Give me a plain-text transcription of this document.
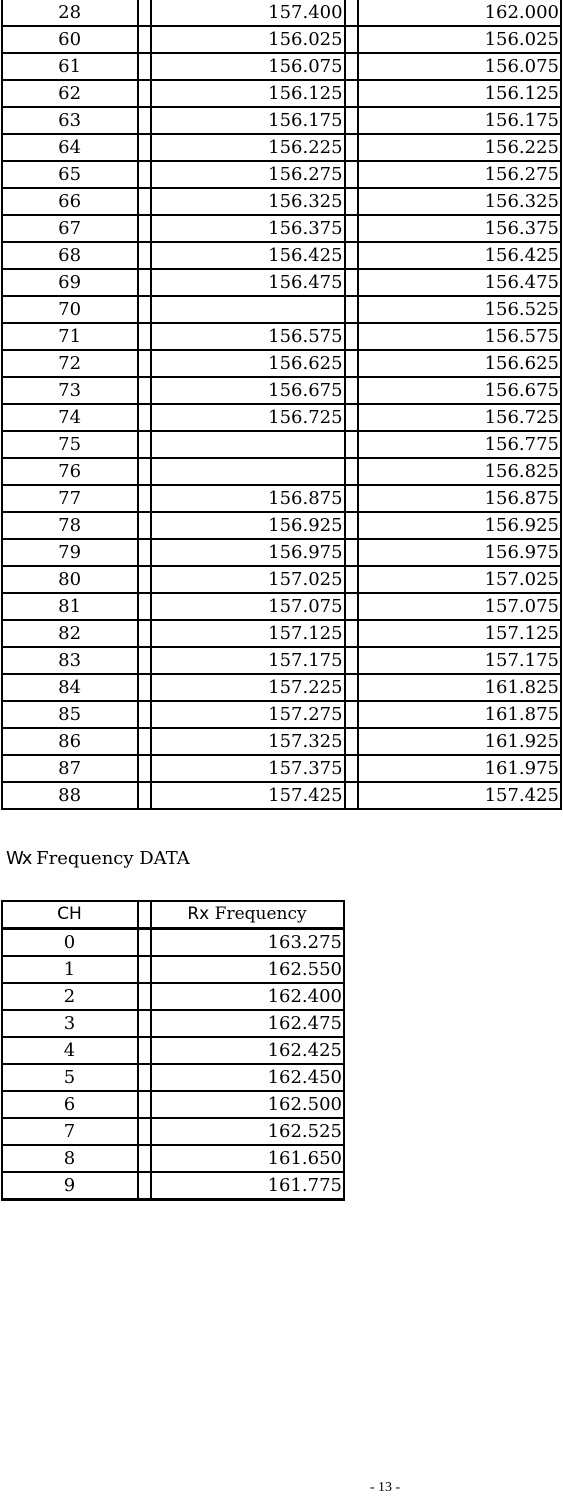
28		157.400		162.000
60		156.025		156.025
61		156.075		156.075
62		156.125		156.125
63		156.175		156.175
64		156.225		156.225
65		156.275		156.275
66		156.325		156.325
67		156.375		156.375
68		156.425		156.425
69		156.475		156.475
70				156.525
71		156.575		156.575
72		156.625		156.625
73		156.675		156.675
74		156.725		156.725
75				156.775
76				156.825
77		156.875		156.875
78		156.925		156.925
79		156.975		156.975
80		157.025		157.025
81		157.075		157.075
82		157.125		157.125
83		157.175		157.175
84		157.225		161.825
85		157.275		161.875
86		157.325		161.925
87		157.375		161.975
88		157.425		157.425
Wx Frequency DATA
CH		Rx Frequency
0		163.275
1		162.550
2		162.400
3		162.475
4		162.425
5		162.450
6		162.500
7		162.525
8		161.650
9		161.775
- 13 -
